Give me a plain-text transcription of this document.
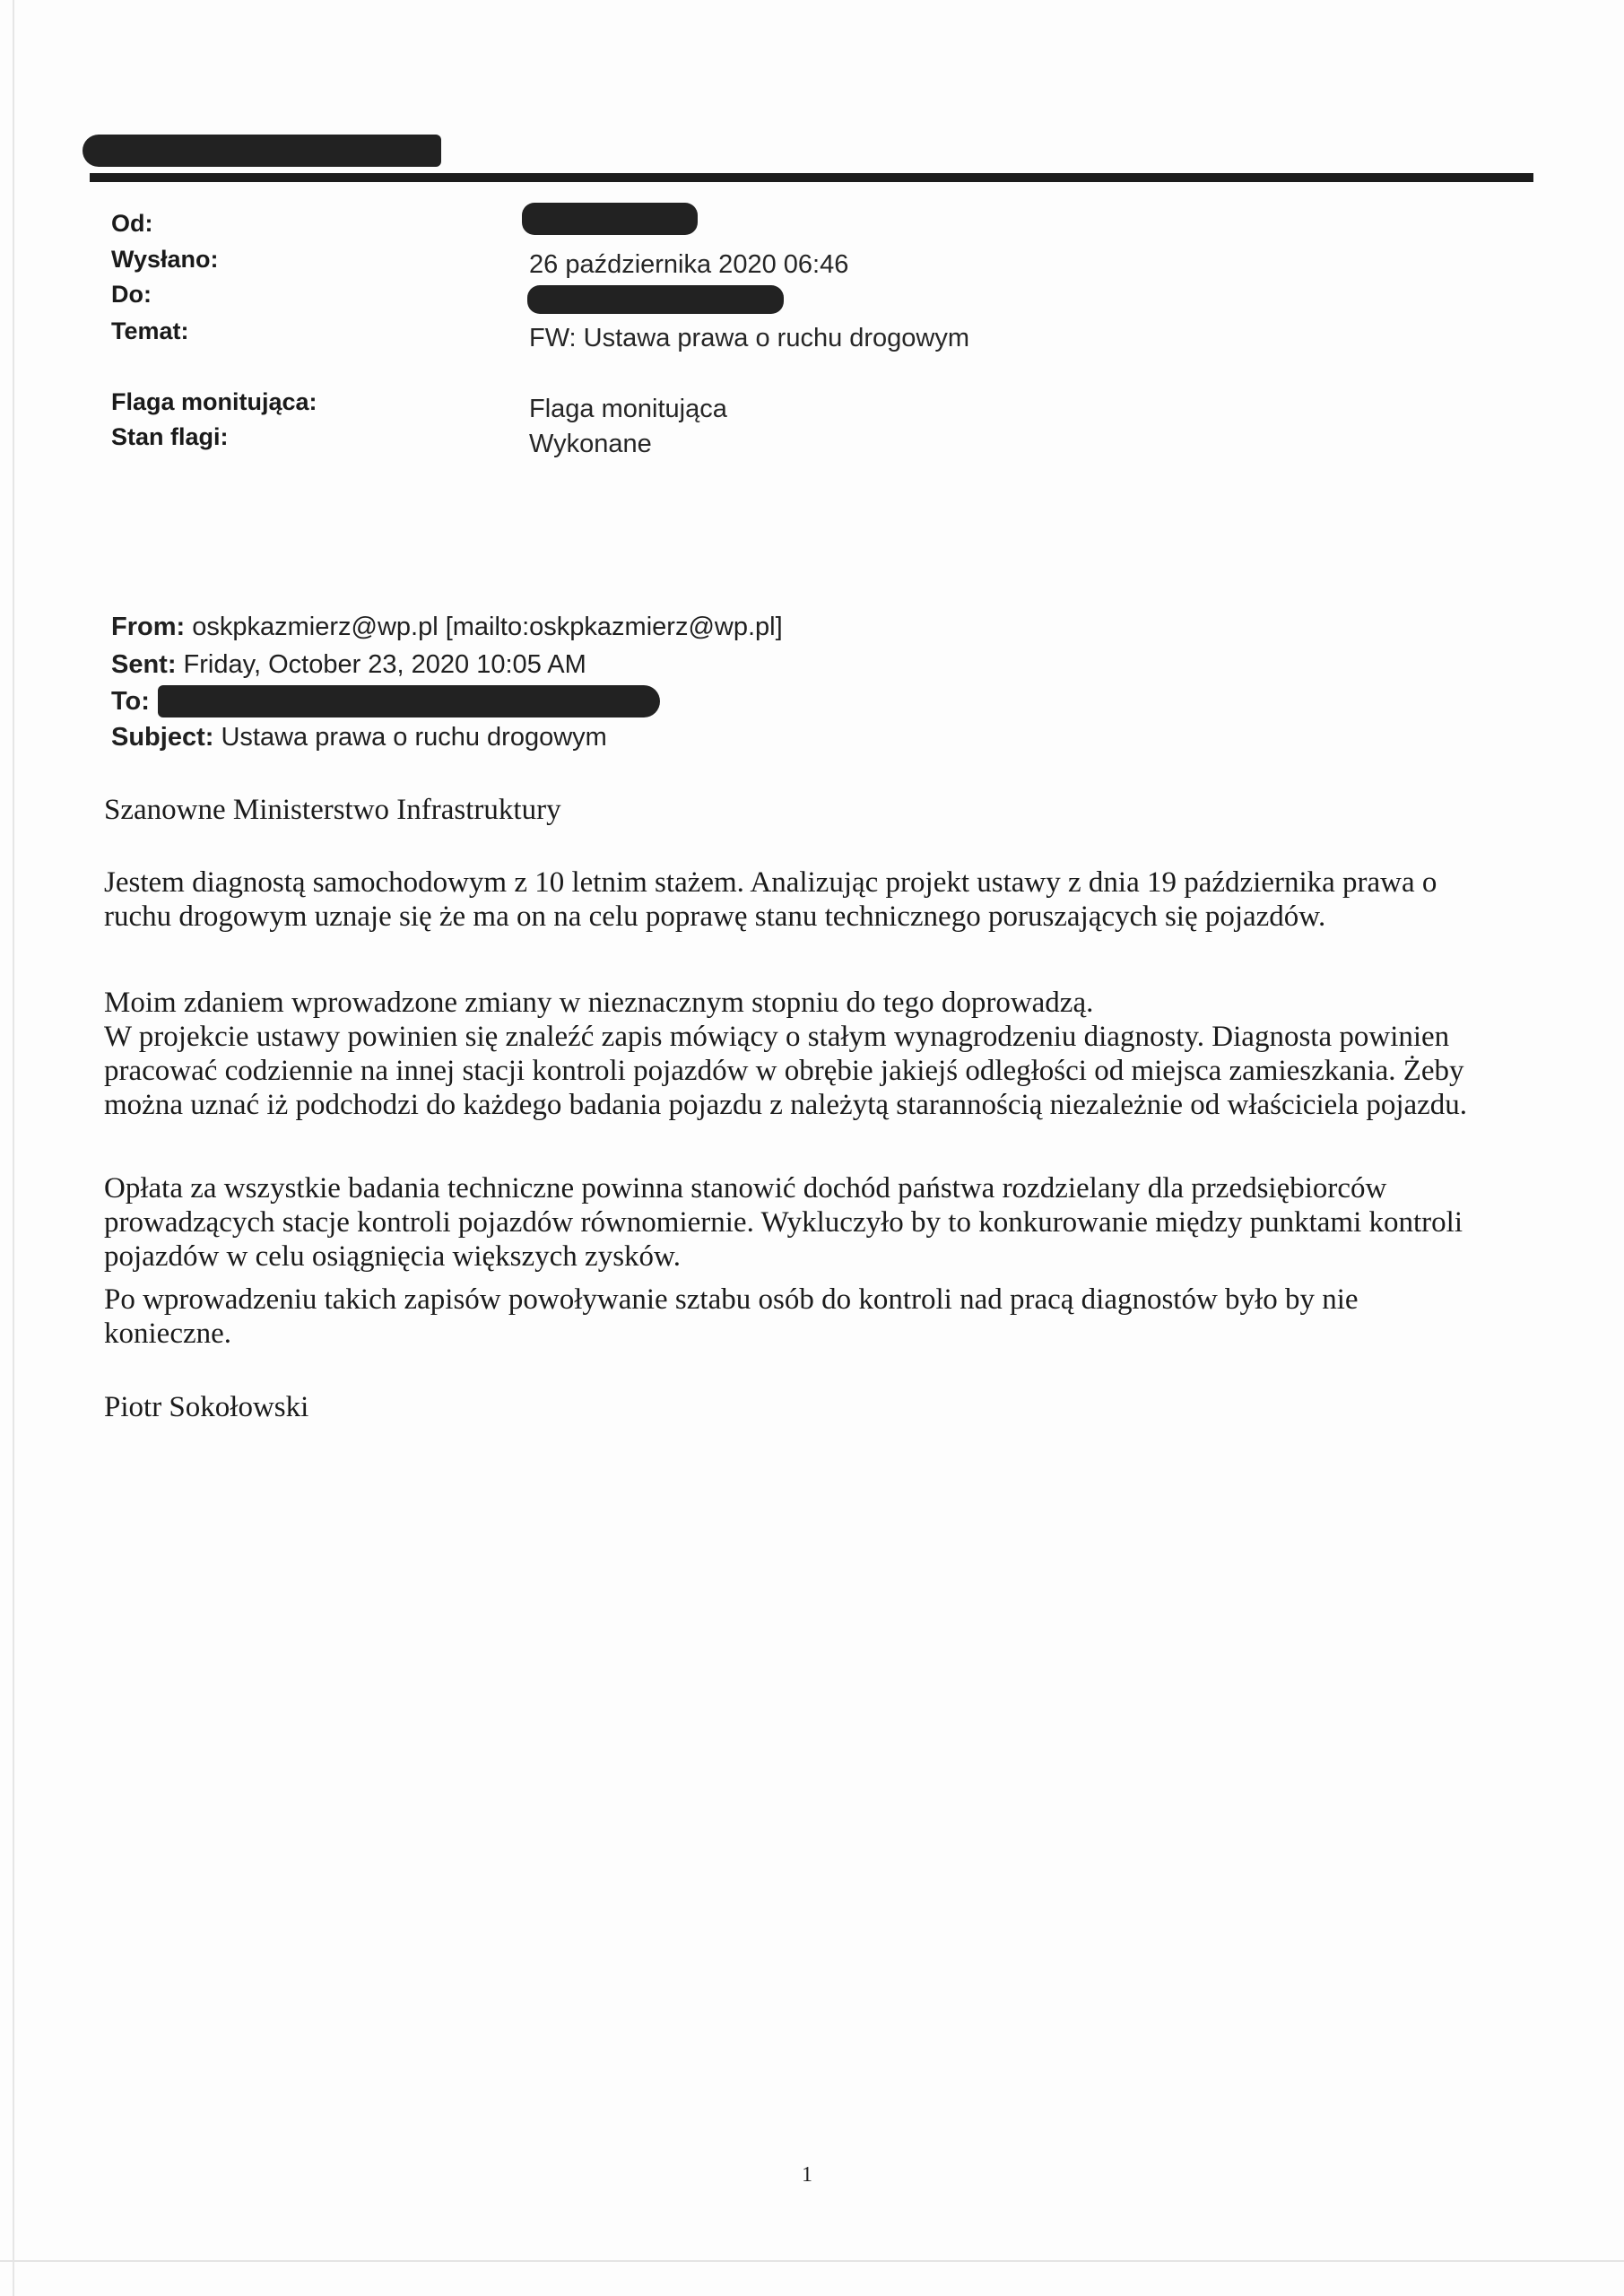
Od:
Wysłano:
Do:
Temat:
Flaga monitująca:
Stan flagi:
26 października 2020 06:46
FW: Ustawa prawa o ruchu drogowym
Flaga monitująca
Wykonane
From: oskpkazmierz@wp.pl [mailto:oskpkazmierz@wp.pl]
Sent: Friday, October 23, 2020 10:05 AM
To:
Subject: Ustawa prawa o ruchu drogowym
Szanowne Ministerstwo Infrastruktury
Jestem diagnostą samochodowym z 10 letnim stażem. Analizując projekt ustawy z dnia 19 października prawa o ruchu drogowym uznaje się że ma on na celu poprawę stanu technicznego poruszających się pojazdów.
Moim zdaniem wprowadzone zmiany w nieznacznym stopniu do tego doprowadzą.
W projekcie ustawy powinien się znaleźć zapis mówiący o stałym wynagrodzeniu diagnosty. Diagnosta powinien pracować codziennie na innej stacji kontroli pojazdów w obrębie jakiejś odległości od miejsca zamieszkania. Żeby można uznać iż podchodzi do każdego badania pojazdu z należytą starannością niezależnie od właściciela pojazdu.
Opłata za wszystkie badania techniczne powinna stanowić dochód państwa rozdzielany dla przedsiębiorców prowadzących stacje kontroli pojazdów równomiernie. Wykluczyło by to konkurowanie między punktami kontroli pojazdów w celu osiągnięcia większych zysków.
Po wprowadzeniu takich zapisów powoływanie sztabu osób do kontroli nad pracą diagnostów było by nie konieczne.
Piotr Sokołowski
1
